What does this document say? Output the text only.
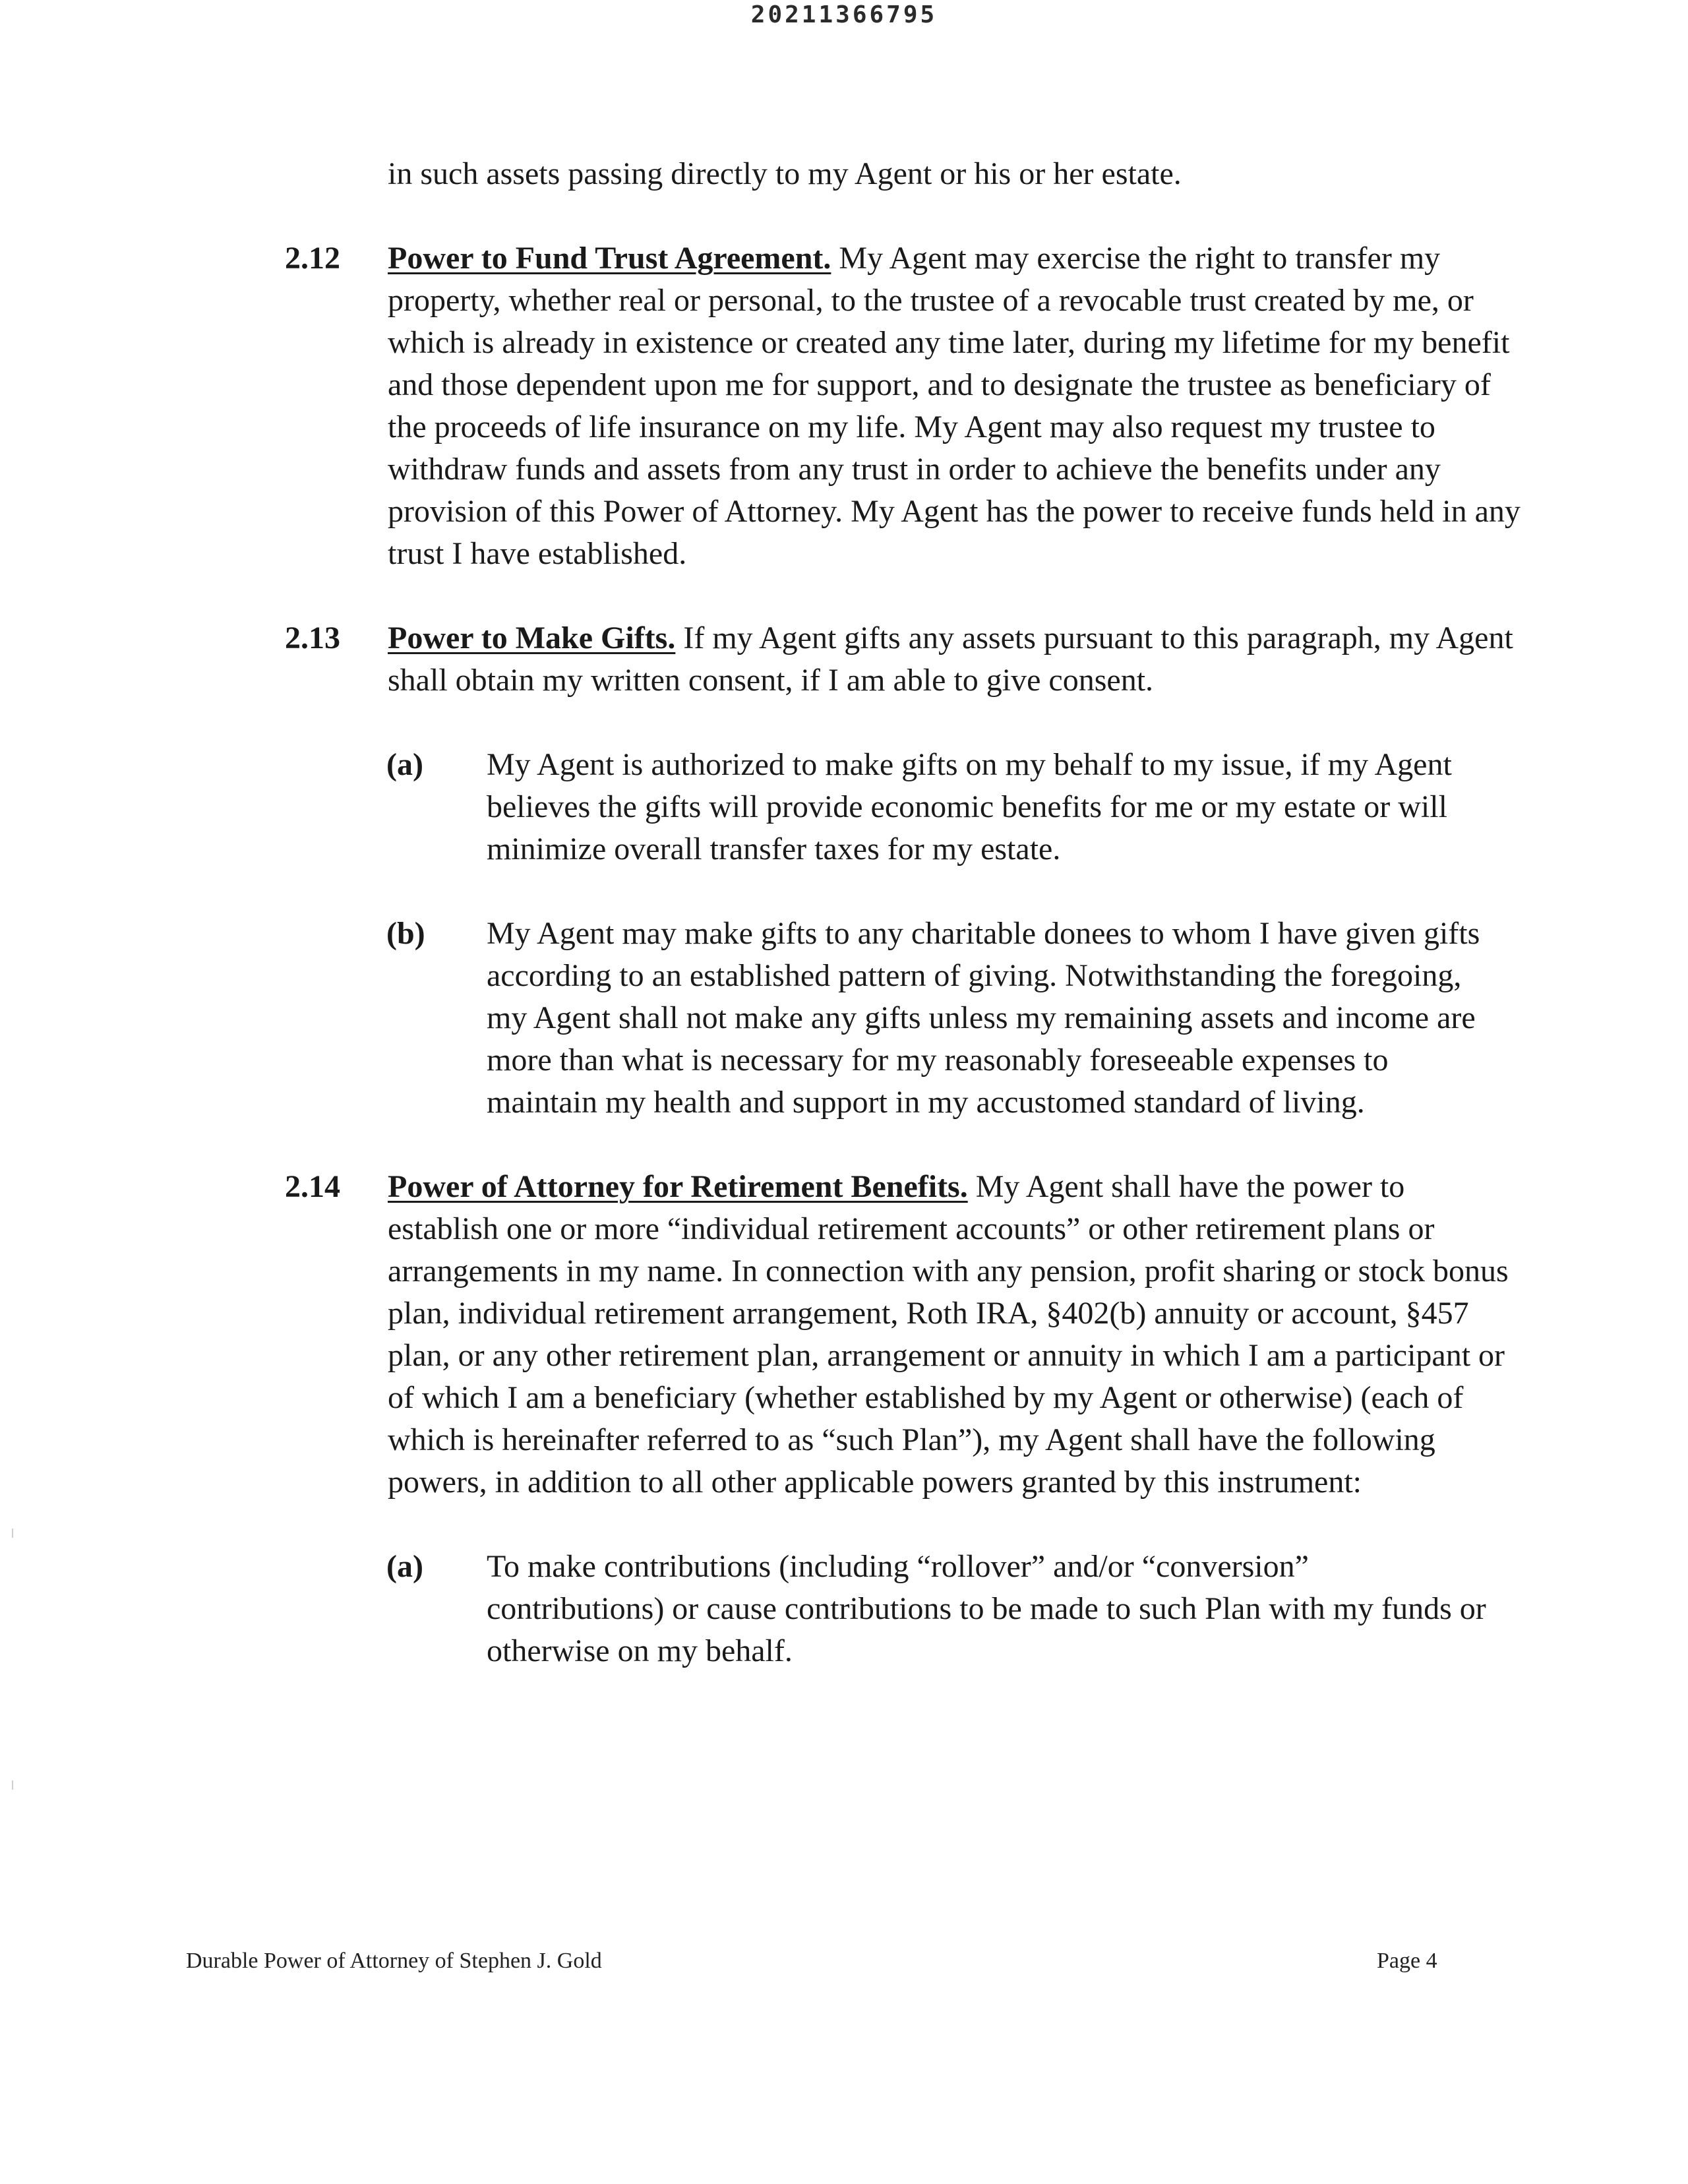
20211366795

in such assets passing directly to my Agent or his or her estate.

2.12 Power to Fund Trust Agreement. My Agent may exercise the right to transfer my property, whether real or personal, to the trustee of a revocable trust created by me, or which is already in existence or created any time later, during my lifetime for my benefit and those dependent upon me for support, and to designate the trustee as beneficiary of the proceeds of life insurance on my life. My Agent may also request my trustee to withdraw funds and assets from any trust in order to achieve the benefits under any provision of this Power of Attorney. My Agent has the power to receive funds held in any trust I have established.
2.13 Power to Make Gifts. If my Agent gifts any assets pursuant to this paragraph, my Agent shall obtain my written consent, if I am able to give consent.
(a) My Agent is authorized to make gifts on my behalf to my issue, if my Agent believes the gifts will provide economic benefits for me or my estate or will minimize overall transfer taxes for my estate.
(b) My Agent may make gifts to any charitable donees to whom I have given gifts according to an established pattern of giving. Notwithstanding the foregoing, my Agent shall not make any gifts unless my remaining assets and income are more than what is necessary for my reasonably foreseeable expenses to maintain my health and support in my accustomed standard of living.
2.14 Power of Attorney for Retirement Benefits. My Agent shall have the power to establish one or more “individual retirement accounts” or other retirement plans or arrangements in my name. In connection with any pension, profit sharing or stock bonus plan, individual retirement arrangement, Roth IRA, §402(b) annuity or account, §457 plan, or any other retirement plan, arrangement or annuity in which I am a participant or of which I am a beneficiary (whether established by my Agent or otherwise) (each of which is hereinafter referred to as “such Plan”), my Agent shall have the following powers, in addition to all other applicable powers granted by this instrument:
(a) To make contributions (including “rollover” and/or “conversion” contributions) or cause contributions to be made to such Plan with my funds or otherwise on my behalf.
Durable Power of Attorney of Stephen J. Gold	Page 4
